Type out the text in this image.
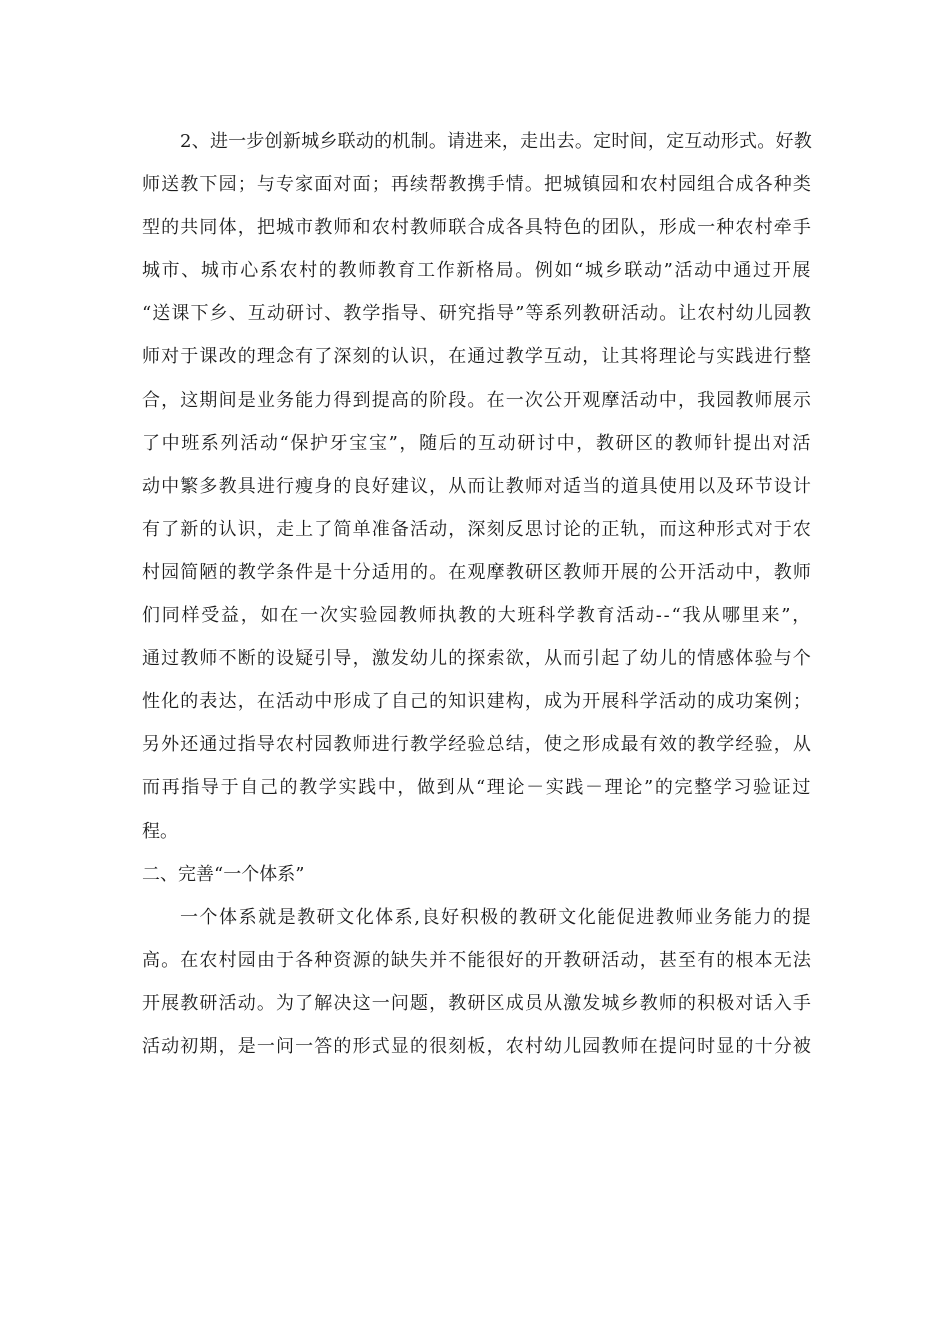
2、进一步创新城乡联动的机制。请进来，走出去。定时间，定互动形式。好教
师送教下园；与专家面对面；再续帮教携手情。把城镇园和农村园组合成各种类
型的共同体，把城市教师和农村教师联合成各具特色的团队，形成一种农村牵手
城市、城市心系农村的教师教育工作新格局。例如“城乡联动”活动中通过开展
“送课下乡、互动研讨、教学指导、研究指导”等系列教研活动。让农村幼儿园教
师对于课改的理念有了深刻的认识，在通过教学互动，让其将理论与实践进行整
合，这期间是业务能力得到提高的阶段。在一次公开观摩活动中，我园教师展示
了中班系列活动“保护牙宝宝”，随后的互动研讨中，教研区的教师针提出对活
动中繁多教具进行瘦身的良好建议，从而让教师对适当的道具使用以及环节设计
有了新的认识，走上了简单准备活动，深刻反思讨论的正轨，而这种形式对于农
村园简陋的教学条件是十分适用的。在观摩教研区教师开展的公开活动中，教师
们同样受益，如在一次实验园教师执教的大班科学教育活动--“我从哪里来”，
通过教师不断的设疑引导，激发幼儿的探索欲，从而引起了幼儿的情感体验与个
性化的表达，在活动中形成了自己的知识建构，成为开展科学活动的成功案例；
另外还通过指导农村园教师进行教学经验总结，使之形成最有效的教学经验，从
而再指导于自己的教学实践中，做到从“理论－实践－理论”的完整学习验证过
程。
二、完善“一个体系”
一个体系就是教研文化体系,良好积极的教研文化能促进教师业务能力的提
高。在农村园由于各种资源的缺失并不能很好的开教研活动，甚至有的根本无法
开展教研活动。为了解决这一问题，教研区成员从激发城乡教师的积极对话入手
活动初期，是一问一答的形式显的很刻板，农村幼儿园教师在提问时显的十分被
